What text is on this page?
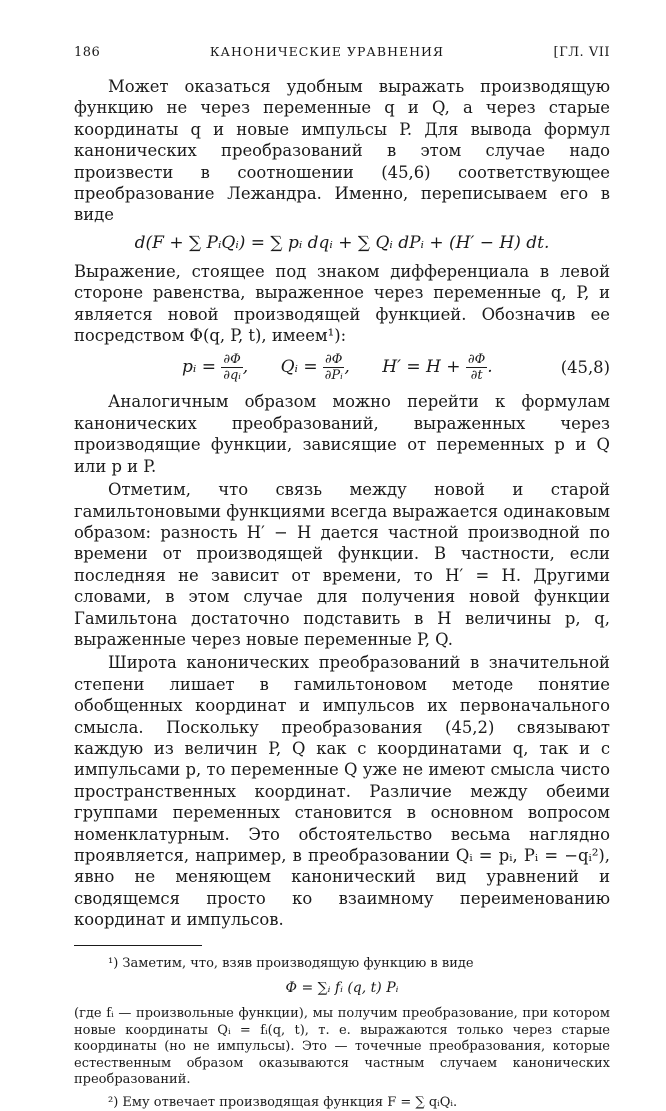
186	КАНОНИЧЕСКИЕ УРАВНЕНИЯ	[ГЛ. VII

Может оказаться удобным выражать производящую функцию не через переменные q и Q, а через старые координаты q и новые импульсы P. Для вывода формул канонических преобразований в этом случае надо произвести в соотношении (45,6) соответствующее преобразование Лежандра. Именно, переписываем его в виде

d(F + ∑ PᵢQᵢ) = ∑ pᵢ dqᵢ + ∑ Qᵢ dPᵢ + (H′ − H) dt.

Выражение, стоящее под знаком дифференциала в левой стороне равенства, выраженное через переменные q, P, и является новой производящей функцией. Обозначив ее посредством Φ(q, P, t), имеем¹):

pᵢ = $\frac{\partial\Phi}{\text{∂qᵢ}}$ ,      Qᵢ = $\frac{\partial\Phi}{\text{∂Pᵢ}}$ ,      $H' = H + \frac{\partial\Phi}{\partial t}$ .	(45,8)

Аналогичным образом можно перейти к формулам канонических преобразований, выраженных через производящие функции, зависящие от переменных p и Q или p и P.

Отметим, что связь между новой и старой гамильтоновыми функциями всегда выражается одинаковым образом: разность H′ − H дается частной производной по времени от производящей функции. В частности, если последняя не зависит от времени, то H′ = H. Другими словами, в этом случае для получения новой функции Гамильтона достаточно подставить в H величины p, q, выраженные через новые переменные P, Q.

Широта канонических преобразований в значительной степени лишает в гамильтоновом методе понятие обобщенных координат и импульсов их первоначального смысла. Поскольку преобразования (45,2) связывают каждую из величин P, Q как с координатами q, так и с импульсами p, то переменные Q уже не имеют смысла чисто пространственных координат. Различие между обеими группами переменных становится в основном вопросом номенклатурным. Это обстоятельство весьма наглядно проявляется, например, в преобразовании Qᵢ = pᵢ, Pᵢ = −qᵢ²), явно не меняющем канонический вид уравнений и сводящемся просто ко взаимному переименованию координат и импульсов.

¹) Заметим, что, взяв производящую функцию в виде

Φ = ∑ᵢ fᵢ (q, t) Pᵢ

(где fᵢ — произвольные функции), мы получим преобразование, при котором новые координаты Qᵢ = fᵢ(q, t), т. е. выражаются только через старые координаты (но не импульсы). Это — точечные преобразования, которые естественным образом оказываются частным случаем канонических преобразований.

²) Ему отвечает производящая функция F = ∑ qᵢQᵢ.
